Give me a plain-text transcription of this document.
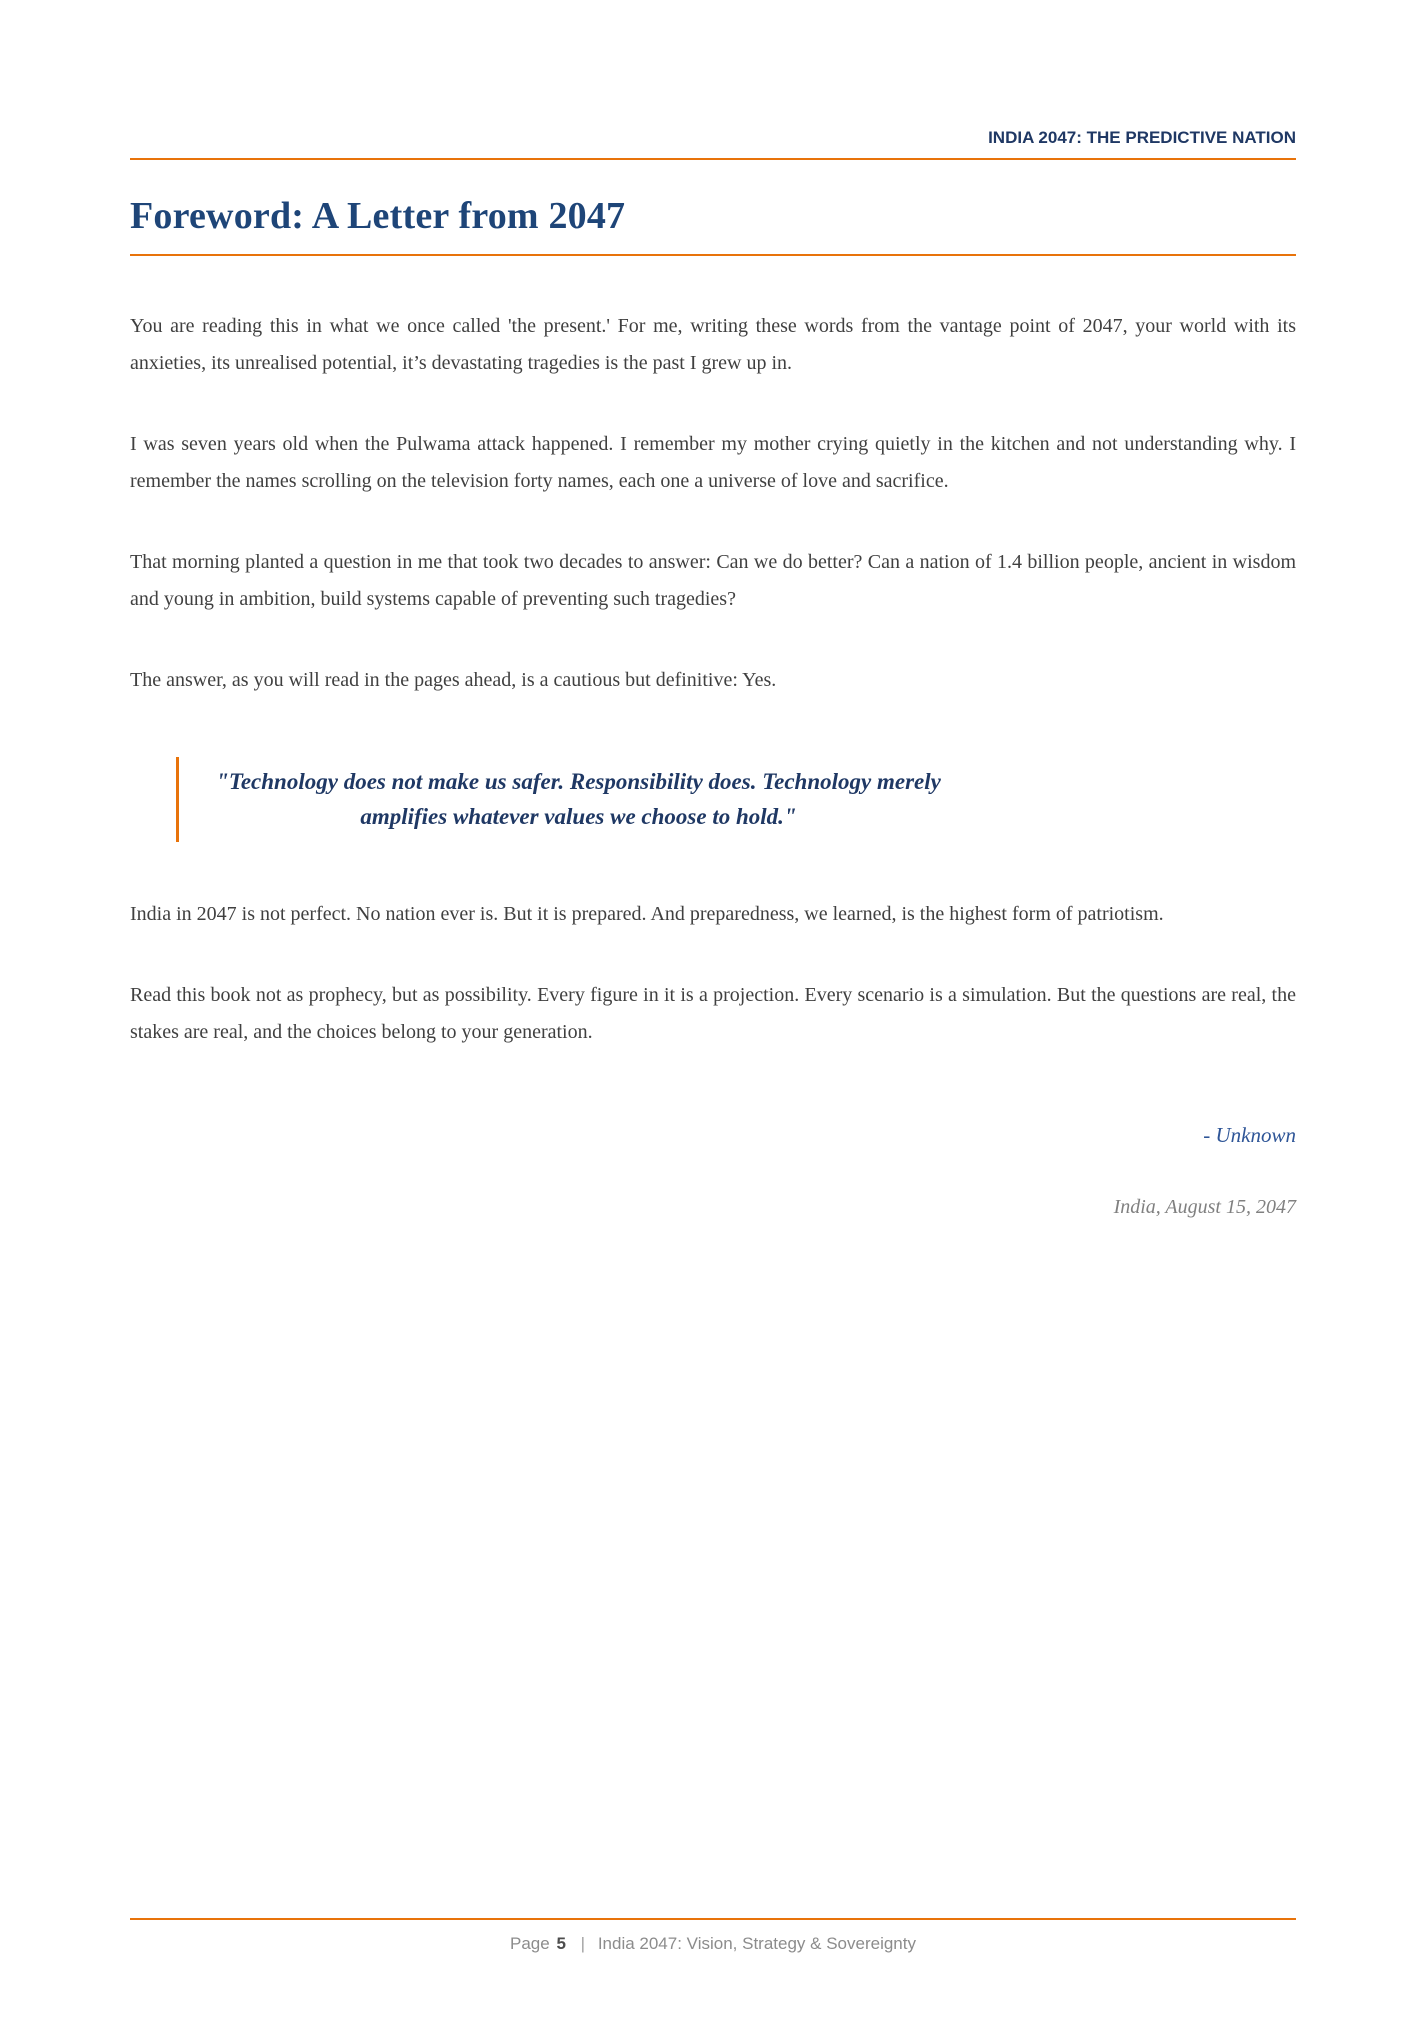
INDIA 2047: THE PREDICTIVE NATION
Foreword: A Letter from 2047

You are reading this in what we once called 'the present.' For me, writing these words from the vantage point of 2047, your world with its anxieties, its unrealised potential, it’s devastating tragedies is the past I grew up in.

I was seven years old when the Pulwama attack happened. I remember my mother crying quietly in the kitchen and not understanding why. I remember the names scrolling on the television forty names, each one a universe of love and sacrifice.

That morning planted a question in me that took two decades to answer: Can we do better? Can a nation of 1.4 billion people, ancient in wisdom and young in ambition, build systems capable of preventing such tragedies?

The answer, as you will read in the pages ahead, is a cautious but definitive: Yes.

"Technology does not make us safer. Responsibility does. Technology merely amplifies whatever values we choose to hold."

India in 2047 is not perfect. No nation ever is. But it is prepared. And preparedness, we learned, is the highest form of patriotism.

Read this book not as prophecy, but as possibility. Every figure in it is a projection. Every scenario is a simulation. But the questions are real, the stakes are real, and the choices belong to your generation.

- Unknown
India, August 15, 2047
Page 5 | India 2047: Vision, Strategy & Sovereignty
